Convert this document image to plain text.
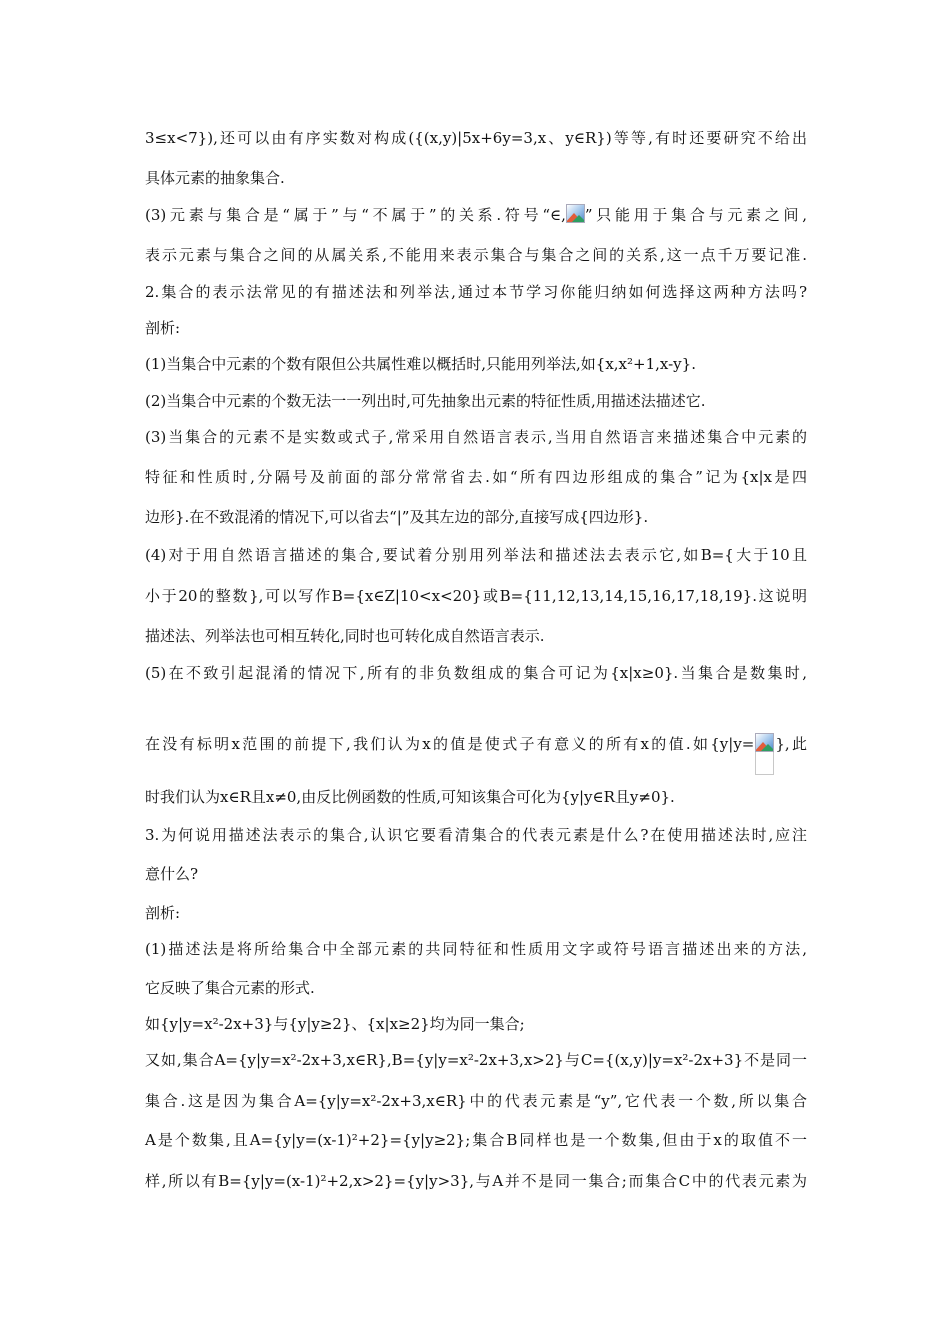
3≤x<7}),还可以由有序实数对构成({(x,y)|5x+6y=3,x、y∈R})等等,有时还要研究不给出
具体元素的抽象集合.
(3)元素与集合是“属于”与“不属于”的关系.符号“∈, ”只能用于集合与元素之间,
表示元素与集合之间的从属关系,不能用来表示集合与集合之间的关系,这一点千万要记准.
2.集合的表示法常见的有描述法和列举法,通过本节学习你能归纳如何选择这两种方法吗?
剖析:
(1)当集合中元素的个数有限但公共属性难以概括时,只能用列举法,如{x,x²+1,x-y}.
(2)当集合中元素的个数无法一一列出时,可先抽象出元素的特征性质,用描述法描述它.
(3)当集合的元素不是实数或式子,常采用自然语言表示,当用自然语言来描述集合中元素的
特征和性质时,分隔号及前面的部分常常省去.如“所有四边形组成的集合”记为{x|x是四
边形}.在不致混淆的情况下,可以省去“|”及其左边的部分,直接写成{四边形}.
(4)对于用自然语言描述的集合,要试着分别用列举法和描述法去表示它,如B={大于10且
小于20的整数},可以写作B={x∈Z|10<x<20}或B={11,12,13,14,15,16,17,18,19}.这说明
描述法、列举法也可相互转化,同时也可转化成自然语言表示.
(5)在不致引起混淆的情况下,所有的非负数组成的集合可记为{x|x≥0}.当集合是数集时,
在没有标明x范围的前提下,我们认为x的值是使式子有意义的所有x的值.如{y|y= },此
时我们认为x∈R且x≠0,由反比例函数的性质,可知该集合可化为{y|y∈R且y≠0}.
3.为何说用描述法表示的集合,认识它要看清集合的代表元素是什么?在使用描述法时,应注
意什么?
剖析:
(1)描述法是将所给集合中全部元素的共同特征和性质用文字或符号语言描述出来的方法,
它反映了集合元素的形式.
如{y|y=x²-2x+3}与{y|y≥2}、{x|x≥2}均为同一集合;
又如,集合A={y|y=x²-2x+3,x∈R},B={y|y=x²-2x+3,x>2}与C={(x,y)|y=x²-2x+3}不是同一
集合.这是因为集合A={y|y=x²-2x+3,x∈R}中的代表元素是“y”,它代表一个数,所以集合
A是个数集,且A={y|y=(x-1)²+2}={y|y≥2};集合B同样也是一个数集,但由于x的取值不一
样,所以有B={y|y=(x-1)²+2,x>2}={y|y>3},与A并不是同一集合;而集合C中的代表元素为
